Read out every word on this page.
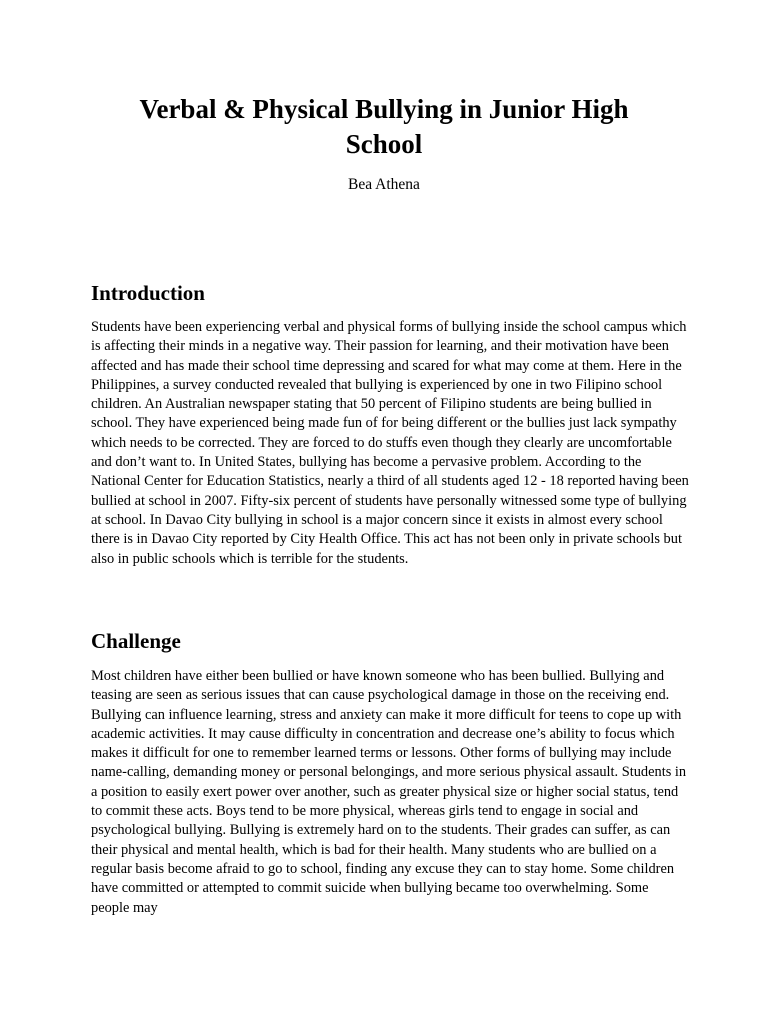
Verbal & Physical Bullying in Junior High School

Bea Athena

Introduction

Students have been experiencing verbal and physical forms of bullying inside the school campus which is affecting their minds in a negative way. Their passion for learning, and their motivation have been affected and has made their school time depressing and scared for what may come at them. Here in the Philippines, a survey conducted revealed that bullying is experienced by one in two Filipino school children. An Australian newspaper stating that 50 percent of Filipino students are being bullied in school. They have experienced being made fun of for being different or the bullies just lack sympathy which needs to be corrected. They are forced to do stuffs even though they clearly are uncomfortable and don’t want to. In United States, bullying has become a pervasive problem. According to the National Center for Education Statistics, nearly a third of all students aged 12 - 18 reported having been bullied at school in 2007. Fifty-six percent of students have personally witnessed some type of bullying at school. In Davao City bullying in school is a major concern since it exists in almost every school there is in Davao City reported by City Health Office. This act has not been only in private schools but also in public schools which is terrible for the students.

Challenge

Most children have either been bullied or have known someone who has been bullied. Bullying and teasing are seen as serious issues that can cause psychological damage in those on the receiving end. Bullying can influence learning, stress and anxiety can make it more difficult for teens to cope up with academic activities. It may cause difficulty in concentration and decrease one’s ability to focus which makes it difficult for one to remember learned terms or lessons. Other forms of bullying may include name-calling, demanding money or personal belongings, and more serious physical assault. Students in a position to easily exert power over another, such as greater physical size or higher social status, tend to commit these acts. Boys tend to be more physical, whereas girls tend to engage in social and psychological bullying. Bullying is extremely hard on to the students. Their grades can suffer, as can their physical and mental health, which is bad for their health. Many students who are bullied on a regular basis become afraid to go to school, finding any excuse they can to stay home. Some children have committed or attempted to commit suicide when bullying became too overwhelming. Some people may
